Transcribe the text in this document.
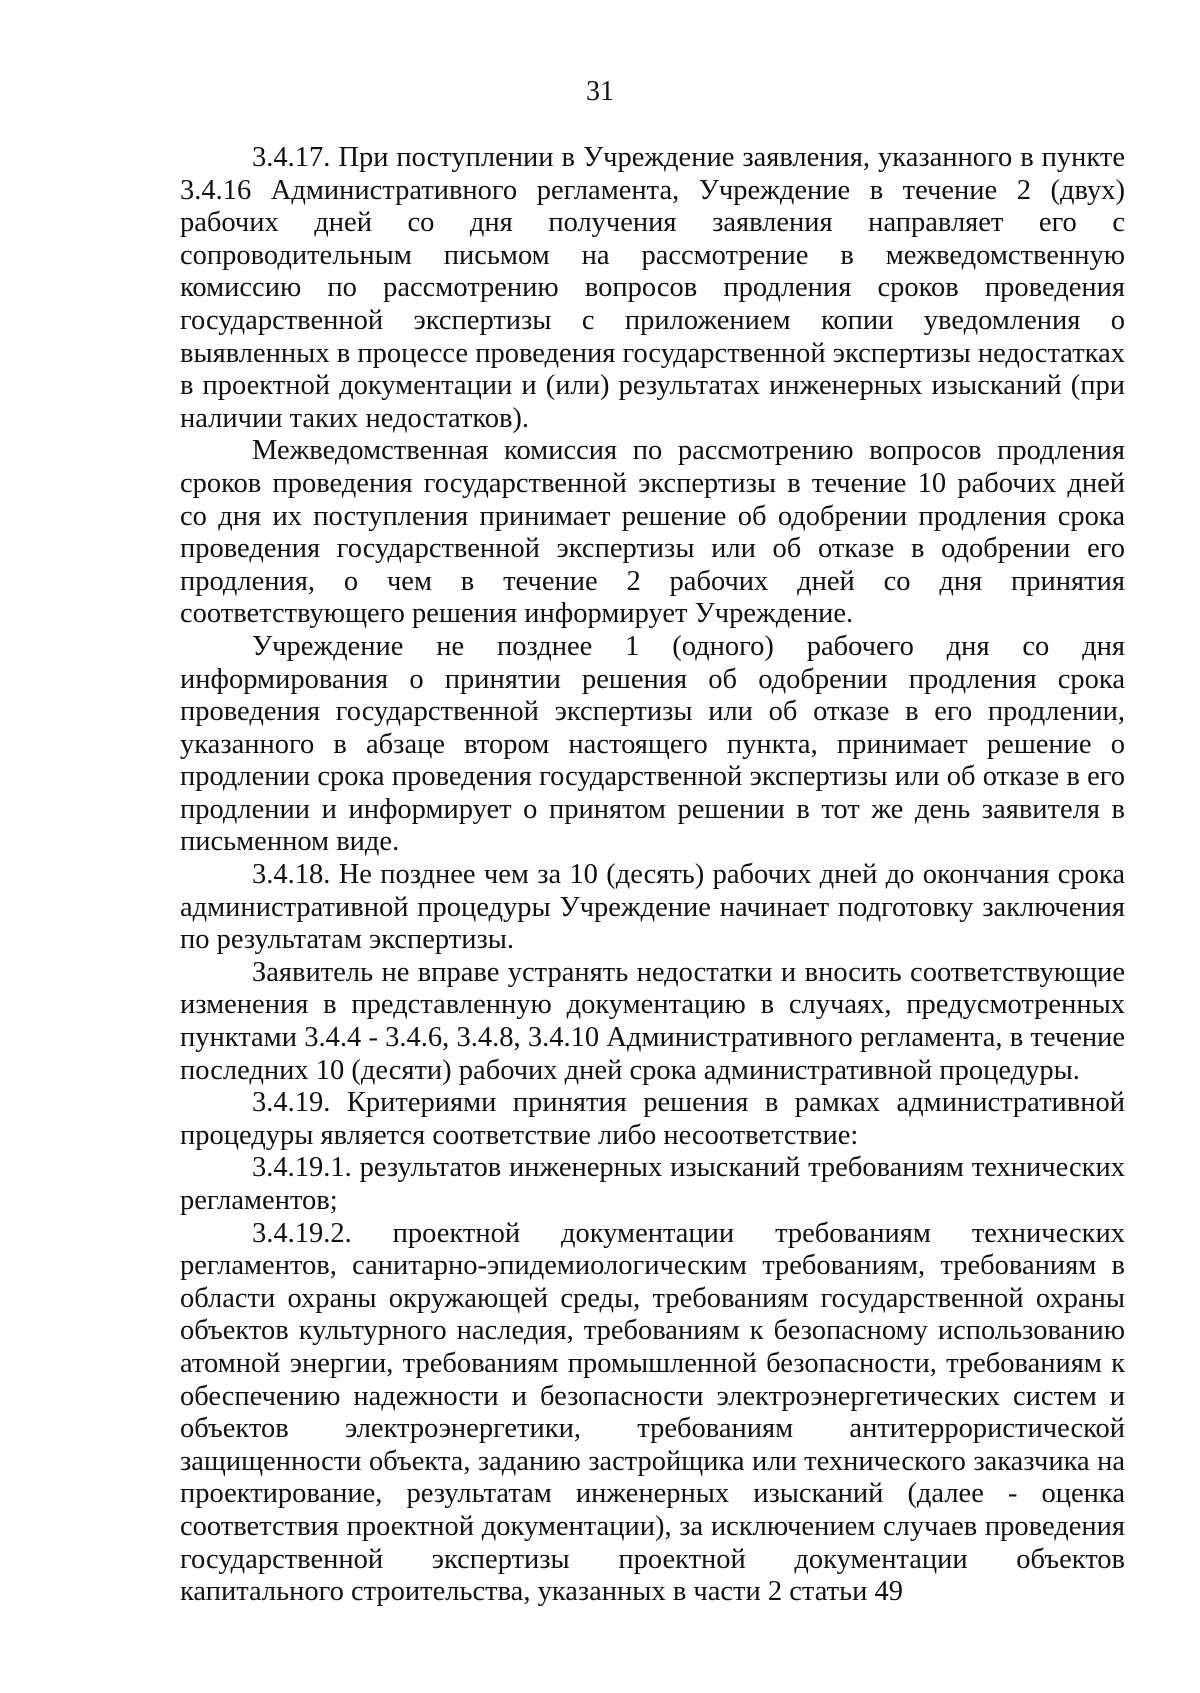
31

3.4.17. При поступлении в Учреждение заявления, указанного в пункте 3.4.16 Административного регламента, Учреждение в течение 2 (двух) рабочих дней со дня получения заявления направляет его с сопроводительным письмом на рассмотрение в межведомственную комиссию по рассмотрению вопросов продления сроков проведения государственной экспертизы с приложением копии уведомления о выявленных в процессе проведения государственной экспертизы недостатках в проектной документации и (или) результатах инженерных изысканий (при наличии таких недостатков).

Межведомственная комиссия по рассмотрению вопросов продления сроков проведения государственной экспертизы в течение 10 рабочих дней со дня их поступления принимает решение об одобрении продления срока проведения государственной экспертизы или об отказе в одобрении его продления, о чем в течение 2 рабочих дней со дня принятия соответствующего решения информирует Учреждение.

Учреждение не позднее 1 (одного) рабочего дня со дня информирования о принятии решения об одобрении продления срока проведения государственной экспертизы или об отказе в его продлении, указанного в абзаце втором настоящего пункта, принимает решение о продлении срока проведения государственной экспертизы или об отказе в его продлении и информирует о принятом решении в тот же день заявителя в письменном виде.

3.4.18. Не позднее чем за 10 (десять) рабочих дней до окончания срока административной процедуры Учреждение начинает подготовку заключения по результатам экспертизы.

Заявитель не вправе устранять недостатки и вносить соответствующие изменения в представленную документацию в случаях, предусмотренных пунктами 3.4.4 - 3.4.6, 3.4.8, 3.4.10 Административного регламента, в течение последних 10 (десяти) рабочих дней срока административной процедуры.

3.4.19. Критериями принятия решения в рамках административной процедуры является соответствие либо несоответствие:

3.4.19.1. результатов инженерных изысканий требованиям технических регламентов;

3.4.19.2. проектной документации требованиям технических регламентов, санитарно-эпидемиологическим требованиям, требованиям в области охраны окружающей среды, требованиям государственной охраны объектов культурного наследия, требованиям к безопасному использованию атомной энергии, требованиям промышленной безопасности, требованиям к обеспечению надежности и безопасности электроэнергетических систем и объектов электроэнергетики, требованиям антитеррористической защищенности объекта, заданию застройщика или технического заказчика на проектирование, результатам инженерных изысканий (далее - оценка соответствия проектной документации), за исключением случаев проведения государственной экспертизы проектной документации объектов капитального строительства, указанных в части 2 статьи 49
